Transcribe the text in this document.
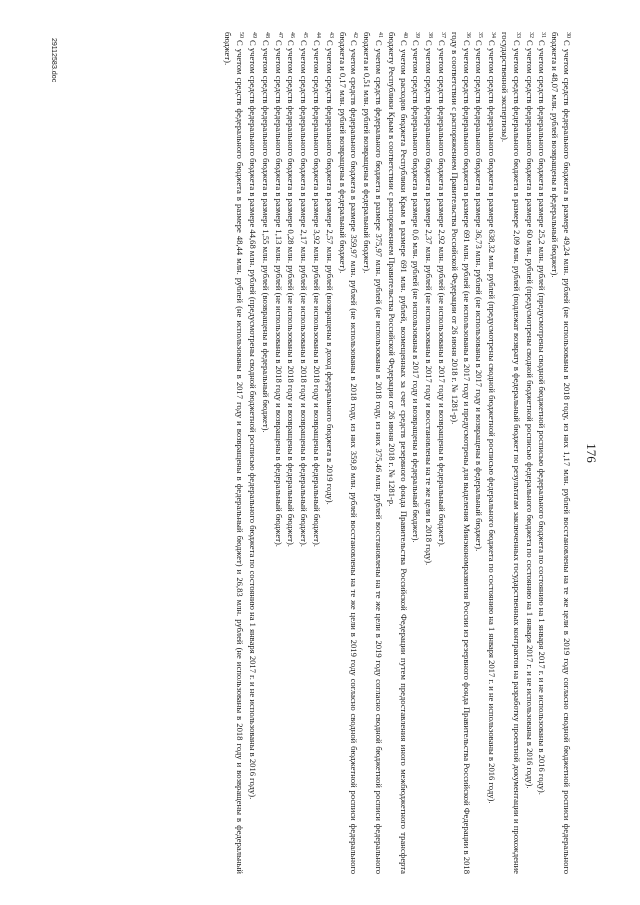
176

$^{30}$С учетом средств федерального бюджета в размере 49,24 млн. рублей (не использованы в 2018 году, из них 1,17 млн. рублей восстановлены на те же цели в 2019 году согласно сводной бюджетной росписи федерального бюджета и 48,07 млн. рублей возвращены в федеральный бюджет).

$^{31}$С учетом средств федерального бюджета в размере 25,2 млн. рублей (предусмотрены сводной бюджетной росписью федерального бюджета по состоянию на 1 января 2017 г. и не использованы в 2016 году).

$^{32}$С учетом средств федерального бюджета в размере 60 млн. рублей (предусмотрены сводной бюджетной росписью федерального бюджета по состоянию на 1 января 2017 г. и не использованы в 2016 году).

$^{33}$С учетом средств федерального бюджета в размере 2,09 млн. рублей (подлежат возврату в федеральный бюджет по результатам заключенных государственных контрактов на разработку проектной документации и прохождение государственной экспертизы).

$^{34}$С учетом средств федерального бюджета в размере 638,32 млн. рублей (предусмотрены сводной бюджетной росписью федерального бюджета по состоянию на 1 января 2017 г. и не использованы в 2016 году).

$^{35}$С учетом средств федерального бюджета в размере 36,73 млн. рублей (не использованы в 2017 году и возвращены в федеральный бюджет).

$^{36}$С учетом средств федерального бюджета в размере 691 млн. рублей (не использованы в 2017 году и предусмотрены для выделения Минэкономразвития России из резервного фонда Правительства Российской Федерации в 2018 году в соответствии с распоряжением Правительства Российской Федерации от 26 июня 2018 г. № 1281-р).

$^{37}$С учетом средств федерального бюджета в размере 2,92 млн. рублей (не использованы в 2017 году и возвращены в федеральный бюджет).

$^{38}$С учетом средств федерального бюджета в размере 2,37 млн. рублей (не использованы в 2017 году и восстановлены на те же цели в 2018 году).

$^{39}$С учетом средств федерального бюджета в размере 0,6 млн. рублей (не использованы в 2017 году и возвращены в федеральный бюджет).

$^{40}$С учетом расходов бюджета Республики Крым в размере 691 млн. рублей, возмещенных за счет средств резервного фонда Правительства Российской Федерации путем предоставления иного межбюджетного трансферта бюджету Республики Крым в соответствии с распоряжением Правительства Российской Федерации от 26 июня 2018 г. № 1281-р.

$^{41}$С учетом средств федерального бюджета в размере 375,97 млн. рублей (не использованы в 2018 году, из них 375,46 млн. рублей восстановлены на те же цели в 2019 году согласно сводной бюджетной росписи федерального бюджета и 0,51 млн. рублей возвращены в федеральный бюджет).

$^{42}$С учетом средств федерального бюджета в размере 359,97 млн. рублей (не использованы в 2018 году, из них 359,8 млн. рублей восстановлены на те же цели в 2019 году согласно сводной бюджетной росписи федерального бюджета и 0,17 млн. рублей возвращены в федеральный бюджет).

$^{43}$С учетом средств федерального бюджета в размере 2,57 млн. рублей (возвращены в доход федерального бюджета в 2019 году).

$^{44}$С учетом средств федерального бюджета в размере 3,92 млн. рублей (не использованы в 2018 году и возвращены в федеральный бюджет).

$^{45}$С учетом средств федерального бюджета в размере 2,17 млн. рублей (не использованы в 2018 году и возвращены в федеральный бюджет).

$^{46}$С учетом средств федерального бюджета в размере 0,28 млн. рублей (не использованы в 2018 году и возвращены в федеральный бюджет).

$^{47}$С учетом средств федерального бюджета в размере 1,13 млн. рублей (не использованы в 2018 году и возвращены в федеральный бюджет).

$^{48}$С учетом средств федерального бюджета в размере 1,55 млн. рублей (возвращены в федеральный бюджет).

$^{49}$С учетом средств федерального бюджета в размере 44,68 млн. рублей (предусмотрены сводной бюджетной росписью федерального бюджета по состоянию на 1 января 2017 г. и не использованы в 2016 году).

$^{50}$С учетом средств федерального бюджета в размере 48,44 млн. рублей (не использованы в 2017 году и возвращены в федеральный бюджет) и 26,83 млн. рублей (не использованы в 2018 году и возвращены в федеральный бюджет).

2911258З.doc
